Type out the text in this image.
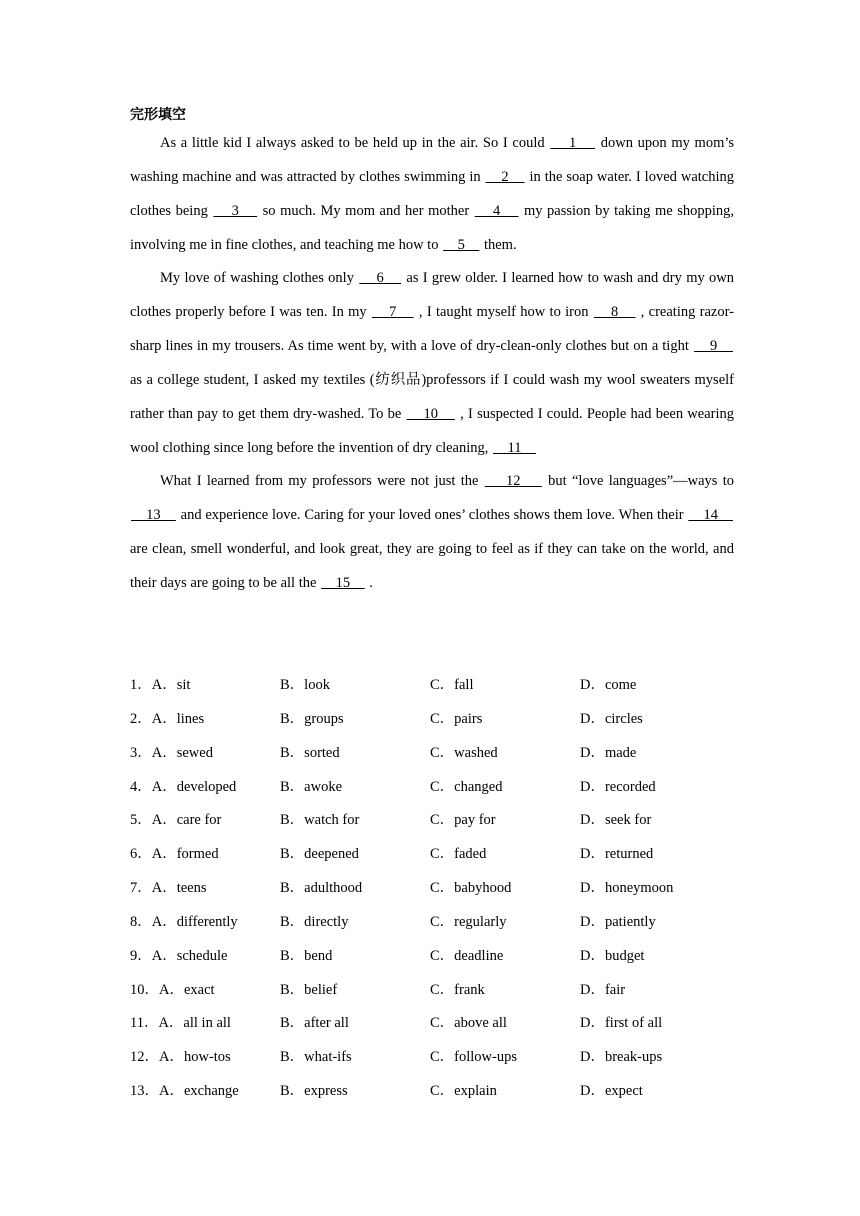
完形填空

As a little kid I always asked to be held up in the air. So I could     1     down upon my mom’s washing machine and was attracted by clothes swimming in     2     in the soap water. I loved watching clothes being     3     so much. My mom and her mother     4     my passion by taking me shopping, involving me in fine clothes, and teaching me how to     5     them.

My love of washing clothes only     6     as I grew older. I learned how to wash and dry my own clothes properly before I was ten. In my     7     , I taught myself how to iron     8     , creating razor-sharp lines in my trousers. As time went by, with a love of dry-clean-only clothes but on a tight     9     as a college student, I asked my textiles (纺织品)professors if I could wash my wool sweaters myself rather than pay to get them dry-washed. To be     10     , I suspected I could. People had been wearing wool clothing since long before the invention of dry cleaning,     11

What I learned from my professors were not just the     12     but “love languages”—ways to     13     and experience love. Caring for your loved ones’ clothes shows them love. When their     14     are clean, smell wonderful, and look great, they are going to feel as if they can take on the world, and their days are going to be all the     15     .

1．A．sit	B．look	C．fall	D．come
2．A．lines	B．groups	C．pairs	D．circles
3．A．sewed	B．sorted	C．washed	D．made
4．A．developed	B．awoke	C．changed	D．recorded
5．A．care for	B．watch for	C．pay for	D．seek for
6．A．formed	B．deepened	C．faded	D．returned
7．A．teens	B．adulthood	C．babyhood	D．honeymoon
8．A．differently	B．directly	C．regularly	D．patiently
9．A．schedule	B．bend	C．deadline	D．budget
10．A．exact	B．belief	C．frank	D．fair
11．A．all in all	B．after all	C．above all	D．first of all
12．A．how-tos	B．what-ifs	C．follow-ups	D．break-ups
13．A．exchange	B．express	C．explain	D．expect
